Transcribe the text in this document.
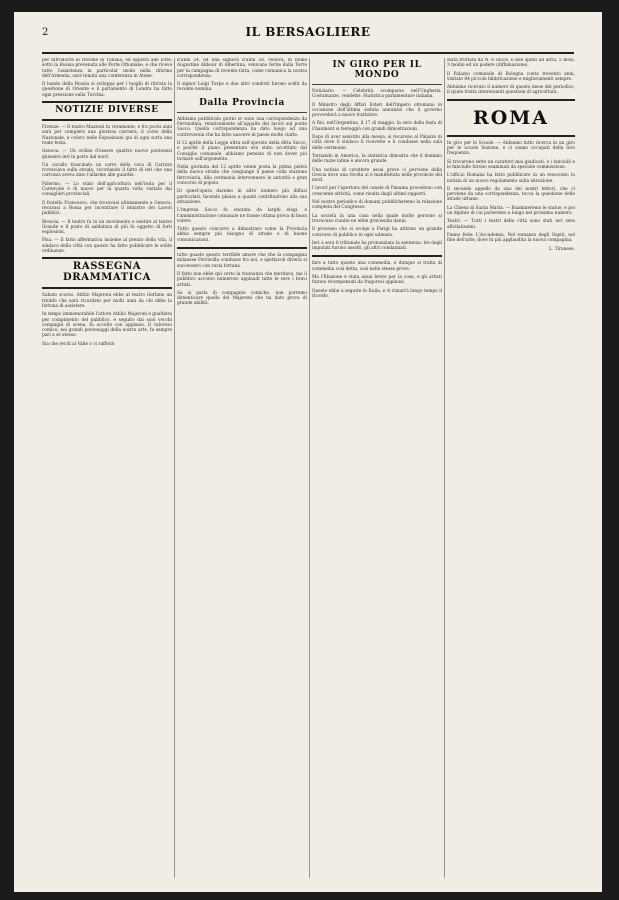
2	IL BERSAGLIERE

per introdurre le riforme in Tunisia, ed opporsi alle lotte, sotto la Russia prevenuta alle Porte Ottomane, e che riceve tutto l'assistenza in particolar modo nella riforma dell'Armenia, sarà tenuta una conferenza in Atene.

Il bando della Russia si sviluppa per i luoghi di ritirata la questione di Oriente e il parlamento di Londra ha fatto ogni pressione sulla Turchia.

NOTIZIE DIVERSE

Firenze. — Il teatro Mazzoni fu veramente, e fra pochi anni sarà per compiere una gloriosa carriera, il corso della Nazionale, e coloro nelle Esposizioni qui di ogni sorta una reale festa.

Genova. — Un ordine d'essere quattro nuove pontonesi giunsero ieri in porto dal nord.

Un cavallo trascinato un carro della cava di Carrara rovesciava sulla strada, ricordando il fatto di ieri che una carrozza aveva dato l'allarme alle guardie.

Palermo. — Lo stato dell'agricoltura nell'isola per il Carnevale è di nuovo per la quarta volta visitato dai consiglieri provinciali.

Il fratello Francesco, che trovavasi ultimamente a Genova, recavasi a Roma per incontrare il ministro dei Lavori pubblici.

Brescia. — Il teatro fu in un movimento e sentire al teatro Grande e il posto di saldatura di più fu oggetto di forti esplosioni.

Pisa. — Il fatto affermativa insieme al prezzo della vita, il sindaco della città con questo ha fatto pubblicare le solite ordinanze.

RASSEGNA DRAMMATICA

Sabato scorso. Attilio Majeroni ebbe al teatro Gerbino un trionfo che sarà ricordato per molti anni da chi ebbe la fortuna di assistere.

In tempo immemorabile l'attore Attilio Majeroni e gualtiera per compimento del pubblico, e seguito dai suoi vecchi compagni di scena, fu accolto con applausi. Il valoroso comico, nei grandi personaggi della nostra arte, fu sempre pari a sé stesso.

Sia che reciti al Valle o vi rafforzi

d'anni 24, ed una signora d'anni 28, vedova, di nome Augustine Alibour di Albertina, venivano ferite dalla Torre per la campagna di recente fatta, come comunica la nostra corrispondenza.

Il signor Luigi Turpe e due altri condotti furono scelti da recente nomina.

Dalla Provincia

Abbiamo pubblicato giorni or sono una corrispondenza da Ferrandina, relativamente all'appalto dei lavori sul ponte Sacco. Quella corrispondenza ha dato luogo ad una controversia che ha fatto nascere in paese molte ciarle.

Il 12 aprile della Legge altra sull'operato della ditta Sacco, e poiché il piano presentato era stato accettato dal Consiglio comunale, abbiamo pensato di non dover più tornare sull'argomento.

Nella giornata del 12 aprile venne posta la prima pietra della nuova strada che congiunge il paese colla stazione ferroviaria. Alla cerimonia intervennero le autorità e gran concorso di popolo.

Di quest'opera daremo in altro numero più diffusi particolari, facendo plauso a quanti contribuirono alla sua attuazione.

L'impresa Sacco fu onorata da larghi elogi, e l'amministrazione comunale ne trasse ottima prova di buon volere.

Tutto questo concorre a dimostrare come la Provincia abbia sempre più bisogno di strade e di buone comunicazioni.

tutto guasto questo terribile amore che che la compagnia milanese Ferravilla condusse fra noi, e spettacoli diversi si successero con varia fortuna.

Il fatto non ebbe qui certo la risonanza che meritava, ma il pubblico accorso numeroso applaudì tutte le sere i bravi artisti.

Se si parla di compagnie comiche, non potremo dimenticare quella del Majeroni che ha dato prova di grande abilità.

IN GIRO PER IL MONDO

Notiziario. — Celebrità scomparse nell'Ungheria. Costumanze, vendette. Statistica parlamentare italiana.

Il Ministro degli Affari Esteri dell'Impero ottomano in occasione dell'ultima seduta annunziò che il governo provvederà a nuove trattative.

A Rio, nell'Argentina, il 17 di maggio, la sera della festa di Chaumont si festeggiò con grandi dimostrazioni.

Dopo di aver assistito alla messa, si recarono al Palazzo di città dove il sindaco li ricevette e li condusse nella sala delle cerimonie.

Tornando in America, la statistica dimostra che il dominio delle razze latine è ancora grande.

Una notizia di carattere assai grave ci perviene dalla Grecia dove una rivolta si è manifestata nelle provincie del nord.

I lavori per l'apertura del canale di Panama procedono con crescente attività, come risulta dagli ultimi rapporti.

Nel nostro periodico di domani pubblicheremo la relazione completa del Congresso.

La società in una casa nella quale molte persone si trovavano riunite ne ebbe gravissimi danni.

Il processo che si svolge a Parigi ha attirato un grande concorso di pubblico in ogni udienza.

Ieri a sera il tribunale ha pronunziato la sentenza: tre degli imputati furono assolti, gli altri condannati.

fare a tutto questo una commedia, e dunque si tratta di commedia così detta, così nelle stesse prove.

Ma l'Illusione è stata assai breve per la cosa, e gli artisti furono ricompensati da fragorosi applausi.

Questo ebbe a seguire in Italia, e vi rimarrà lungo tempo il ricordo.

stata fruttata da N. 6 cacce, 6 ben spinti ad altra, 5 mosi, 3 molini ed un podere (diffamazione).

Il Palazzo comunale di Bologna conta trecento anni, visitato 84 piccola fabbricazione e miglioramenti sempre.

Abbiamo ricevuto il numero di questo mese del periodico, il quale tratta interessanti questioni di agricoltura.

ROMA

In giro per le Scuole. — Abbiamo fatto ricerca in un giro per le scuole Sezione, e ci siamo occupati della loro frequenza.

Si trovarono sette un caratteri mai giudicati, e i fanciulli e le fanciulle furono esaminati da speciale commissione.

L'ufficio Romana ha fatto pubblicare in un resoconto la notizia di un nuovo regolamento sulla istruzione.

Il secondo appello da uno dei nostri lettori, che ci perviene da una corrispondenza, tocca la questione delle strade urbane.

La Chiesa di Santa Marta. — Esamineremo le statue, e poi un dipinto di cui parleremo a lungo nel prossimo numero.

Teatri. — Tutti i teatri della città sono stati ieri sera affollatissimi.

Fanno fede: L'Accademia, Nel romanzo degli Ospiti, nel fine dell'arte, dove fu più applaudita la nuova compagnia.

L. Tiranese.
